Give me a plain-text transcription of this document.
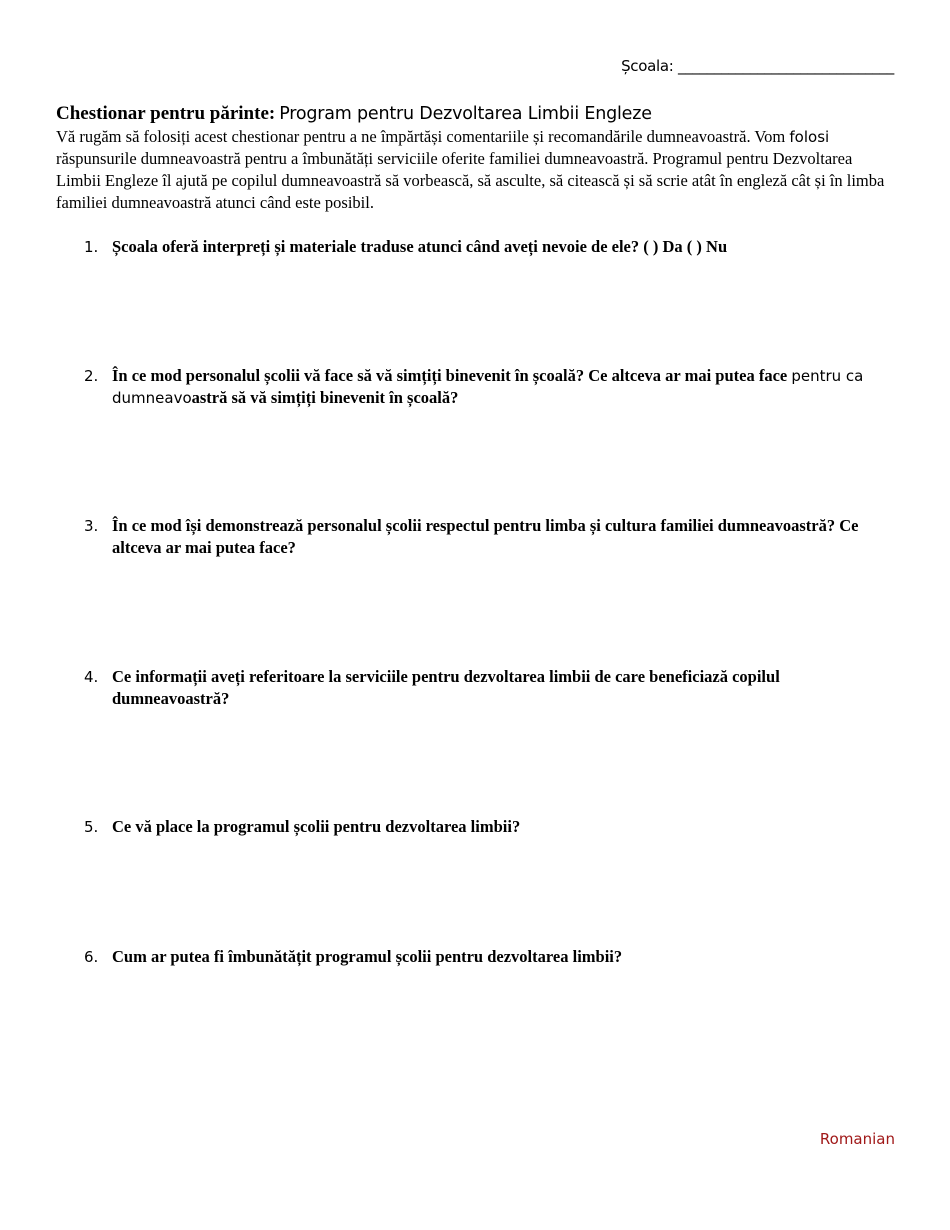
Școala: ______________________________

Chestionar pentru părinte: Program pentru Dezvoltarea Limbii Engleze

Vă rugăm să folosiți acest chestionar pentru a ne împărtăși comentariile și recomandările dumneavoastră. Vom folosi răspunsurile dumneavoastră pentru a îmbunătăți serviciile oferite familiei dumneavoastră. Programul pentru Dezvoltarea Limbii Engleze îl ajută pe copilul dumneavoastră să vorbească, să asculte, să citească și să scrie atât în engleză cât și în limba familiei dumneavoastră atunci când este posibil.

1. Școala oferă interpreți și materiale traduse atunci când aveți nevoie de ele? ( ) Da ( ) Nu
2. În ce mod personalul școlii vă face să vă simțiți binevenit în școală? Ce altceva ar mai putea face pentru ca dumneavoastră să vă simțiți binevenit în școală?
3. În ce mod își demonstrează personalul școlii respectul pentru limba și cultura familiei dumneavoastră? Ce altceva ar mai putea face?
4. Ce informații aveți referitoare la serviciile pentru dezvoltarea limbii de care beneficiază copilul dumneavoastră?
5. Ce vă place la programul școlii pentru dezvoltarea limbii?
6. Cum ar putea fi îmbunătățit programul școlii pentru dezvoltarea limbii?
Romanian
